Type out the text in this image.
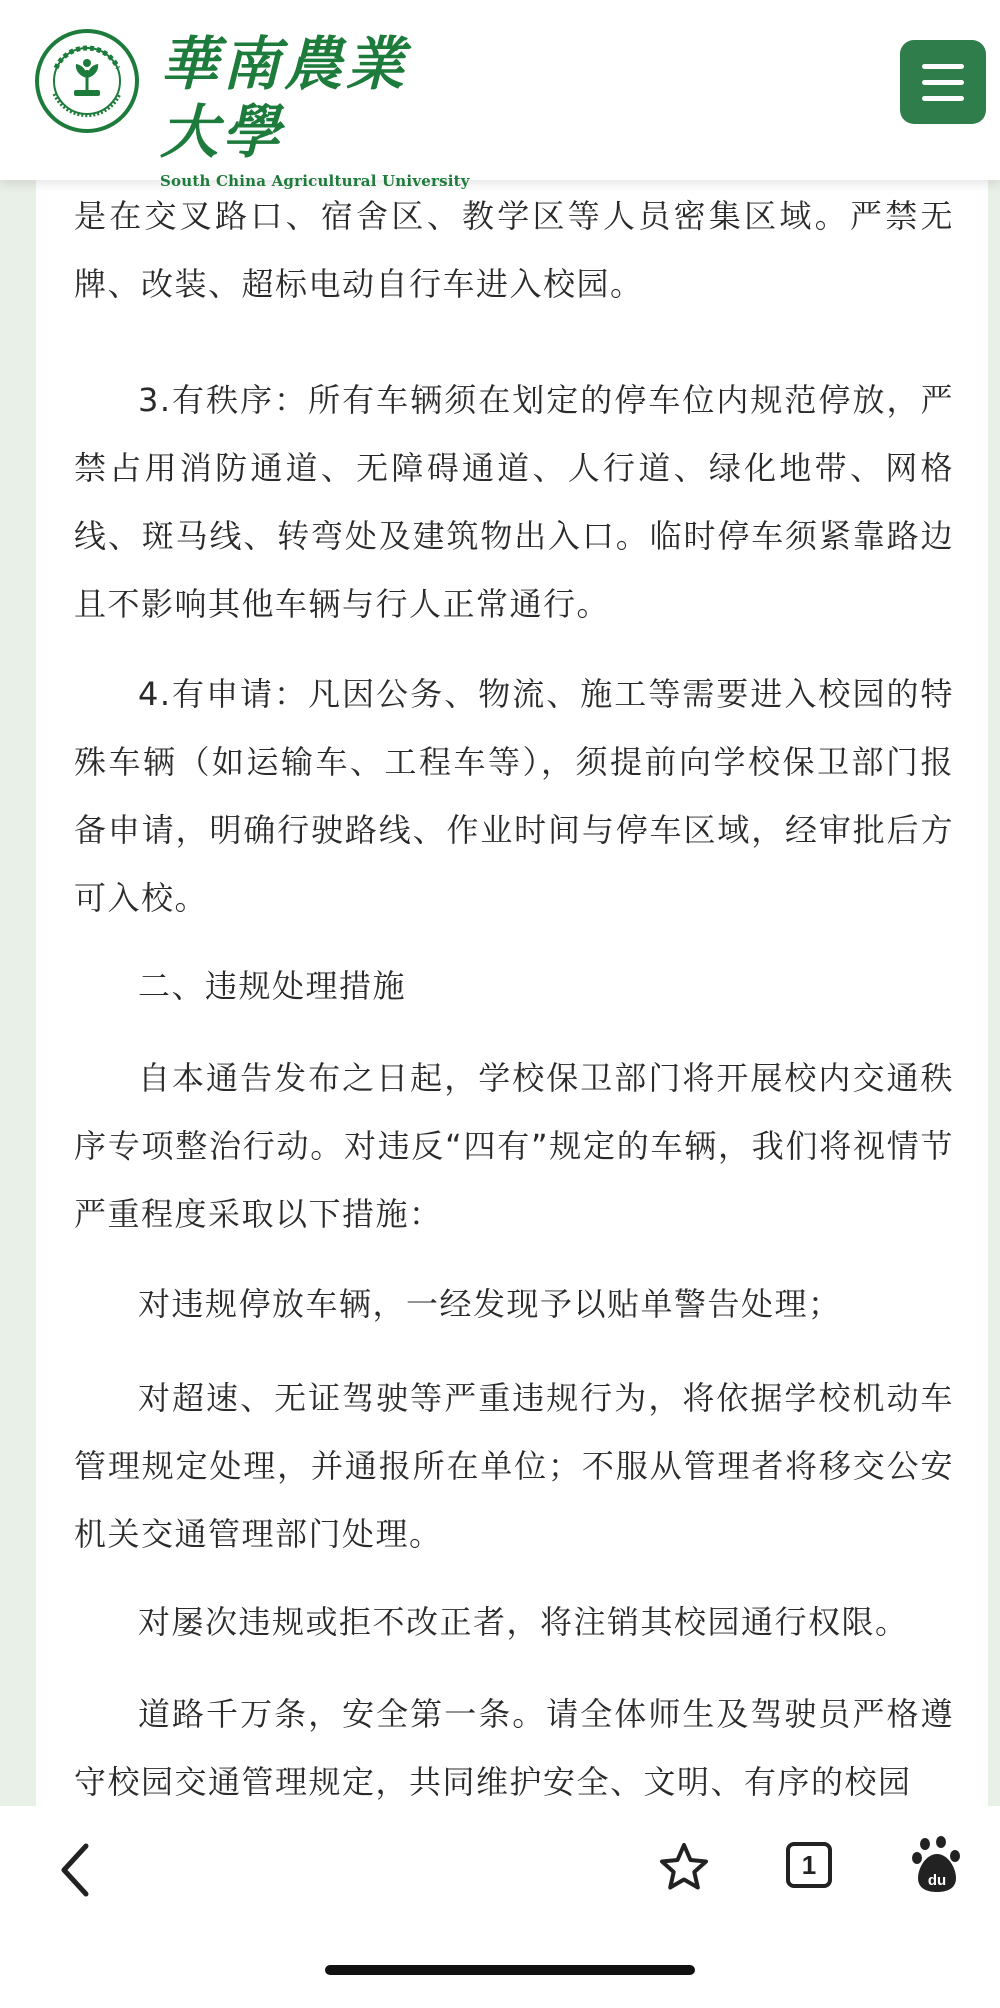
華南農業大學
South China Agricultural University
是在交叉路口、宿舍区、教学区等人员密集区域。严禁无牌、改装、超标电动自行车进入校园。
3.有秩序：所有车辆须在划定的停车位内规范停放，严禁占用消防通道、无障碍通道、人行道、绿化地带、网格线、斑马线、转弯处及建筑物出入口。临时停车须紧靠路边且不影响其他车辆与行人正常通行。
4.有申请：凡因公务、物流、施工等需要进入校园的特殊车辆（如运输车、工程车等），须提前向学校保卫部门报备申请，明确行驶路线、作业时间与停车区域，经审批后方可入校。
二、违规处理措施
自本通告发布之日起，学校保卫部门将开展校内交通秩序专项整治行动。对违反“四有”规定的车辆，我们将视情节严重程度采取以下措施：
对违规停放车辆，一经发现予以贴单警告处理；
对超速、无证驾驶等严重违规行为，将依据学校机动车管理规定处理，并通报所在单位；不服从管理者将移交公安机关交通管理部门处理。
对屡次违规或拒不改正者，将注销其校园通行权限。
道路千万条，安全第一条。请全体师生及驾驶员严格遵守校园交通管理规定，共同维护安全、文明、有序的校园
1
du
